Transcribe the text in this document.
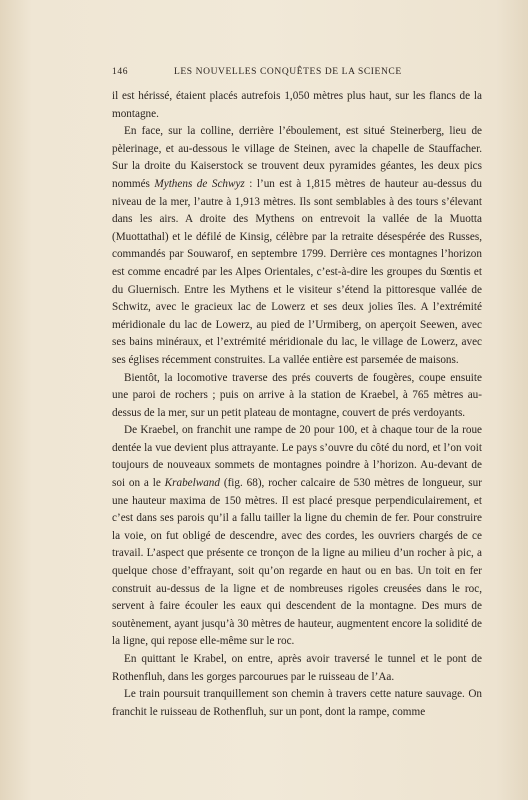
146	LES NOUVELLES CONQUÊTES DE LA SCIENCE

il est hérissé, étaient placés autrefois 1,050 mètres plus haut, sur les flancs de la montagne.

En face, sur la colline, derrière l’éboulement, est situé Steinerberg, lieu de pèlerinage, et au-dessous le village de Steinen, avec la chapelle de Stauffacher. Sur la droite du Kaiserstock se trouvent deux pyramides géantes, les deux pics nommés Mythens de Schwyz : l’un est à 1,815 mètres de hauteur au-dessus du niveau de la mer, l’autre à 1,913 mètres. Ils sont semblables à des tours s’élevant dans les airs. A droite des Mythens on entrevoit la vallée de la Muotta (Muottathal) et le défilé de Kinsig, célèbre par la retraite désespérée des Russes, commandés par Souwarof, en septembre 1799. Derrière ces montagnes l’horizon est comme encadré par les Alpes Orientales, c’est-à-dire les groupes du Sœntis et du Gluernisch. Entre les Mythens et le visiteur s’étend la pittoresque vallée de Schwitz, avec le gracieux lac de Lowerz et ses deux jolies îles. A l’extrémité méridionale du lac de Lowerz, au pied de l’Urmiberg, on aperçoit Seewen, avec ses bains minéraux, et l’extrémité méridionale du lac, le village de Lowerz, avec ses églises récemment construites. La vallée entière est parsemée de maisons.

Bientôt, la locomotive traverse des prés couverts de fougères, coupe ensuite une paroi de rochers ; puis on arrive à la station de Kraebel, à 765 mètres au-dessus de la mer, sur un petit plateau de montagne, couvert de prés verdoyants.

De Kraebel, on franchit une rampe de 20 pour 100, et à chaque tour de la roue dentée la vue devient plus attrayante. Le pays s’ouvre du côté du nord, et l’on voit toujours de nouveaux sommets de montagnes poindre à l’horizon. Au-devant de soi on a le Krabelwand (fig. 68), rocher calcaire de 530 mètres de longueur, sur une hauteur maxima de 150 mètres. Il est placé presque perpendiculairement, et c’est dans ses parois qu’il a fallu tailler la ligne du chemin de fer. Pour construire la voie, on fut obligé de descendre, avec des cordes, les ouvriers chargés de ce travail. L’aspect que présente ce tronçon de la ligne au milieu d’un rocher à pic, a quelque chose d’effrayant, soit qu’on regarde en haut ou en bas. Un toit en fer construit au-dessus de la ligne et de nombreuses rigoles creusées dans le roc, servent à faire écouler les eaux qui descendent de la montagne. Des murs de soutènement, ayant jusqu’à 30 mètres de hauteur, augmentent encore la solidité de la ligne, qui repose elle-même sur le roc.

En quittant le Krabel, on entre, après avoir traversé le tunnel et le pont de Rothenfluh, dans les gorges parcourues par le ruisseau de l’Aa.

Le train poursuit tranquillement son chemin à travers cette nature sauvage. On franchit le ruisseau de Rothenfluh, sur un pont, dont la rampe, comme
